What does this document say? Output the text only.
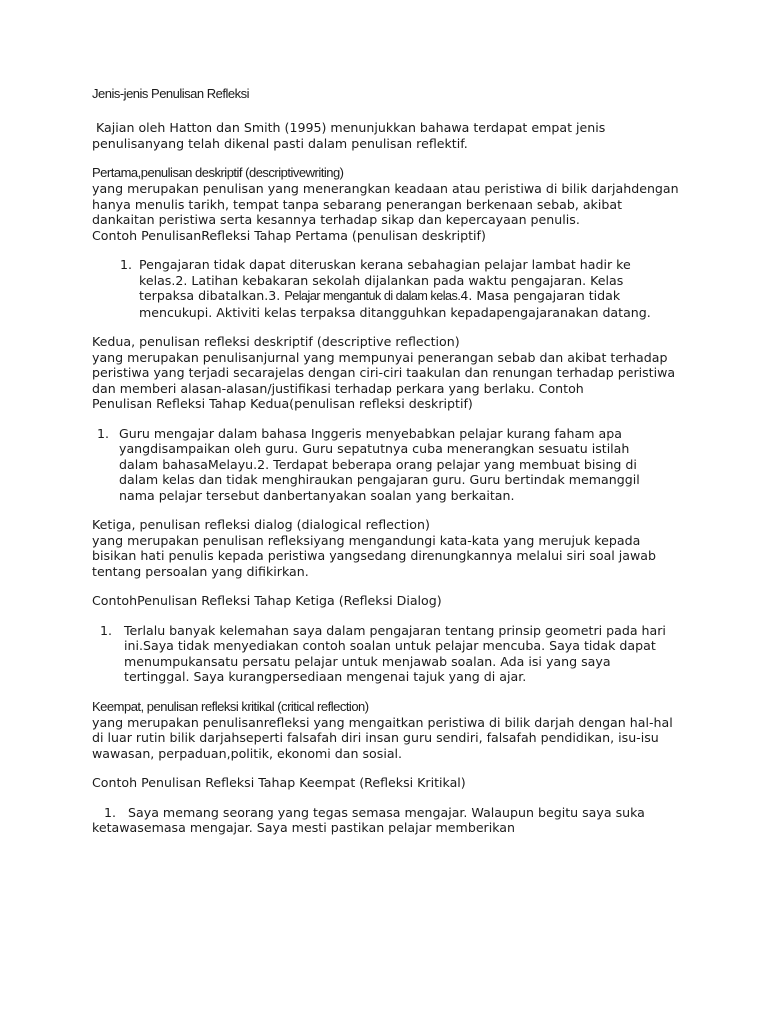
Jenis-jenis Penulisan Refleksi

Kajian oleh Hatton dan Smith (1995) menunjukkan bahawa terdapat empat jenis penulisanyang telah dikenal pasti dalam penulisan reflektif.

Pertama,penulisan deskriptif (descriptivewriting)

yang merupakan penulisan yang menerangkan keadaan atau peristiwa di bilik darjahdengan hanya menulis tarikh, tempat tanpa sebarang penerangan berkenaan sebab, akibat dankaitan peristiwa serta kesannya terhadap sikap dan kepercayaan penulis.

Contoh PenulisanRefleksi Tahap Pertama (penulisan deskriptif)

1. Pengajaran tidak dapat diteruskan kerana sebahagian pelajar lambat hadir ke kelas.2. Latihan kebakaran sekolah dijalankan pada waktu pengajaran. Kelas terpaksa dibatalkan.3. Pelajar mengantuk di dalam kelas.4. Masa pengajaran tidak mencukupi. Aktiviti kelas terpaksa ditangguhkan kepadapengajaranakan datang.

Kedua, penulisan refleksi deskriptif (descriptive reflection)

yang merupakan penulisanjurnal yang mempunyai penerangan sebab dan akibat terhadap peristiwa yang terjadi secarajelas dengan ciri-ciri taakulan dan renungan terhadap peristiwa dan memberi alasan-alasan/justifikasi terhadap perkara yang berlaku. Contoh

Penulisan Refleksi Tahap Kedua(penulisan refleksi deskriptif)

1. Guru mengajar dalam bahasa Inggeris menyebabkan pelajar kurang faham apa yangdisampaikan oleh guru. Guru sepatutnya cuba menerangkan sesuatu istilah dalam bahasaMelayu.2. Terdapat beberapa orang pelajar yang membuat bising di dalam kelas dan tidak menghiraukan pengajaran guru. Guru bertindak memanggil nama pelajar tersebut danbertanyakan soalan yang berkaitan.

Ketiga, penulisan refleksi dialog (dialogical reflection)

yang merupakan penulisan refleksiyang mengandungi kata-kata yang merujuk kepada bisikan hati penulis kepada peristiwa yangsedang direnungkannya melalui siri soal jawab tentang persoalan yang difikirkan.

ContohPenulisan Refleksi Tahap Ketiga (Refleksi Dialog)

1. Terlalu banyak kelemahan saya dalam pengajaran tentang prinsip geometri pada hari ini.Saya tidak menyediakan contoh soalan untuk pelajar mencuba. Saya tidak dapat menumpukansatu persatu pelajar untuk menjawab soalan. Ada isi yang saya tertinggal. Saya kurangpersediaan mengenai tajuk yang di ajar.

Keempat, penulisan refleksi kritikal (critical reflection)

yang merupakan penulisanrefleksi yang mengaitkan peristiwa di bilik darjah dengan hal-hal di luar rutin bilik darjahseperti falsafah diri insan guru sendiri, falsafah pendidikan, isu-isu wawasan, perpaduan,politik, ekonomi dan sosial.

Contoh Penulisan Refleksi Tahap Keempat (Refleksi Kritikal)

1.   Saya memang seorang yang tegas semasa mengajar. Walaupun begitu saya suka ketawasemasa mengajar. Saya mesti pastikan pelajar memberikan
